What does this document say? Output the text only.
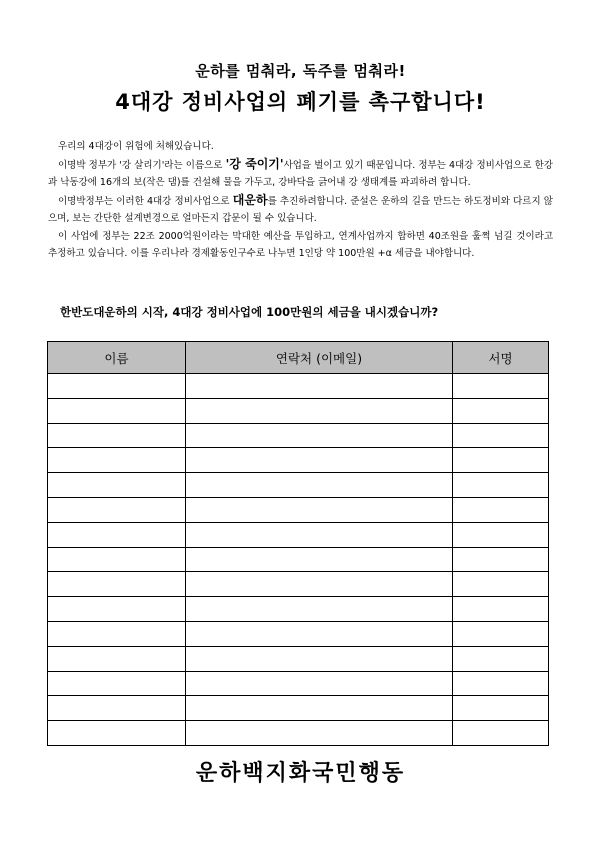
운하를 멈춰라, 독주를 멈춰라!
4대강 정비사업의 폐기를 촉구합니다!

우리의 4대강이 위험에 처해있습니다.

이명박 정부가 '강 살리기'라는 이름으로 '강 죽이기'사업을 벌이고 있기 때문입니다. 정부는 4대강 정비사업으로 한강과 낙동강에 16개의 보(작은 댐)를 건설해 물을 가두고, 강바닥을 긁어내 강 생태계를 파괴하려 합니다.

이명박정부는 이러한 4대강 정비사업으로 대운하를 추진하려합니다. 준설은 운하의 길을 만드는 하도정비와 다르지 않으며, 보는 간단한 설계변경으로 얼마든지 갑문이 될 수 있습니다.

이 사업에 정부는 22조 2000억원이라는 막대한 예산을 투입하고, 연계사업까지 합하면 40조원을 훌쩍 넘길 것이라고 추정하고 있습니다. 이를 우리나라 경제활동인구수로 나누면 1인당 약 100만원 +α 세금을 내야합니다.

한반도대운하의 시작, 4대강 정비사업에 100만원의 세금을 내시겠습니까?
이름	연락처 (이메일)	서명

운하백지화국민행동
